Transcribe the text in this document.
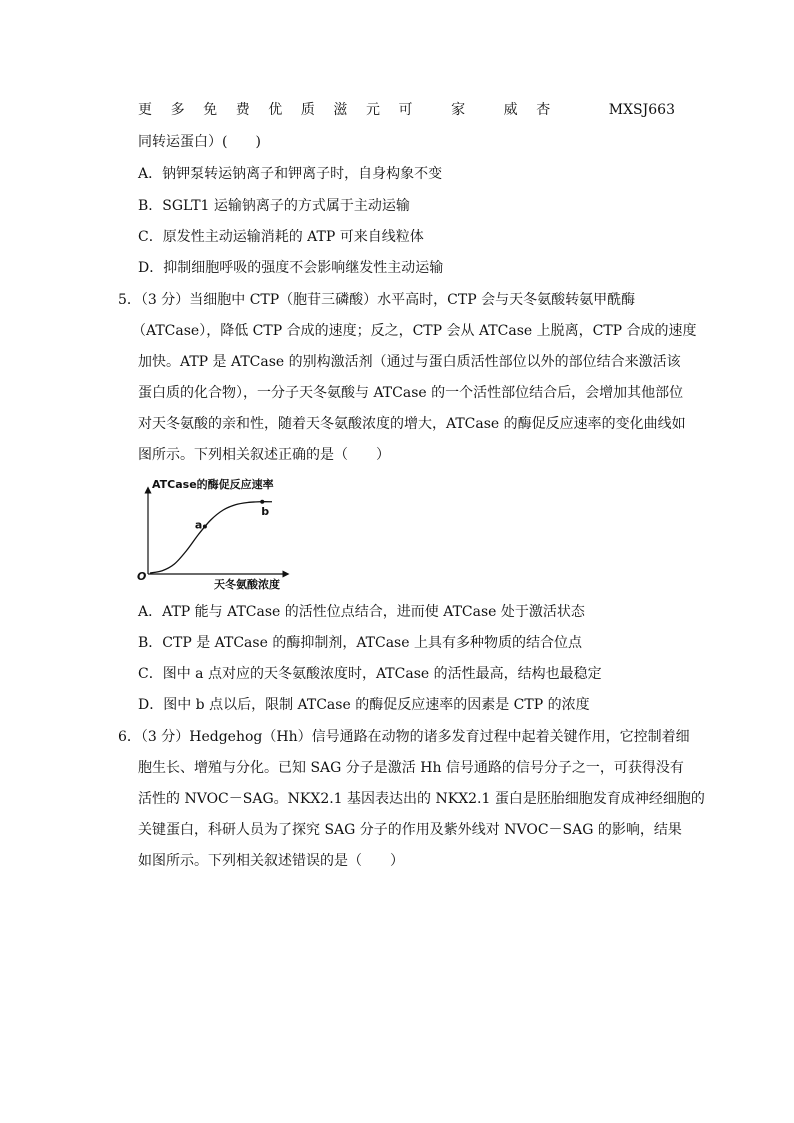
更 多 免 费 优 质 滋 元 可	家	威 杏	MXSJ663
同转运蛋白）(　　)
A．钠钾泵转运钠离子和钾离子时，自身构象不变
B．SGLT1 运输钠离子的方式属于主动运输
C．原发性主动运输消耗的 ATP 可来自线粒体
D．抑制细胞呼吸的强度不会影响继发性主动运输
5．（3 分）当细胞中 CTP（胞苷三磷酸）水平高时，CTP 会与天冬氨酸转氨甲酰酶
（ATCase），降低 CTP 合成的速度；反之，CTP 会从 ATCase 上脱离，CTP 合成的速度
加快。ATP 是 ATCase 的别构激活剂（通过与蛋白质活性部位以外的部位结合来激活该
蛋白质的化合物），一分子天冬氨酸与 ATCase 的一个活性部位结合后，会增加其他部位
对天冬氨酸的亲和性，随着天冬氨酸浓度的增大，ATCase 的酶促反应速率的变化曲线如
图所示。下列相关叙述正确的是（　　）
ATCase的酶促反应速率
天冬氨酸浓度
O
a
b
A．ATP 能与 ATCase 的活性位点结合，进而使 ATCase 处于激活状态
B．CTP 是 ATCase 的酶抑制剂，ATCase 上具有多种物质的结合位点
C．图中 a 点对应的天冬氨酸浓度时，ATCase 的活性最高，结构也最稳定
D．图中 b 点以后，限制 ATCase 的酶促反应速率的因素是 CTP 的浓度
6．（3 分）Hedgehog（Hh）信号通路在动物的诸多发育过程中起着关键作用，它控制着细
胞生长、增殖与分化。已知 SAG 分子是激活 Hh 信号通路的信号分子之一，可获得没有
活性的 NVOC－SAG。NKX2.1 基因表达出的 NKX2.1 蛋白是胚胎细胞发育成神经细胞的
关键蛋白，科研人员为了探究 SAG 分子的作用及紫外线对 NVOC－SAG 的影响，结果
如图所示。下列相关叙述错误的是（　　）
